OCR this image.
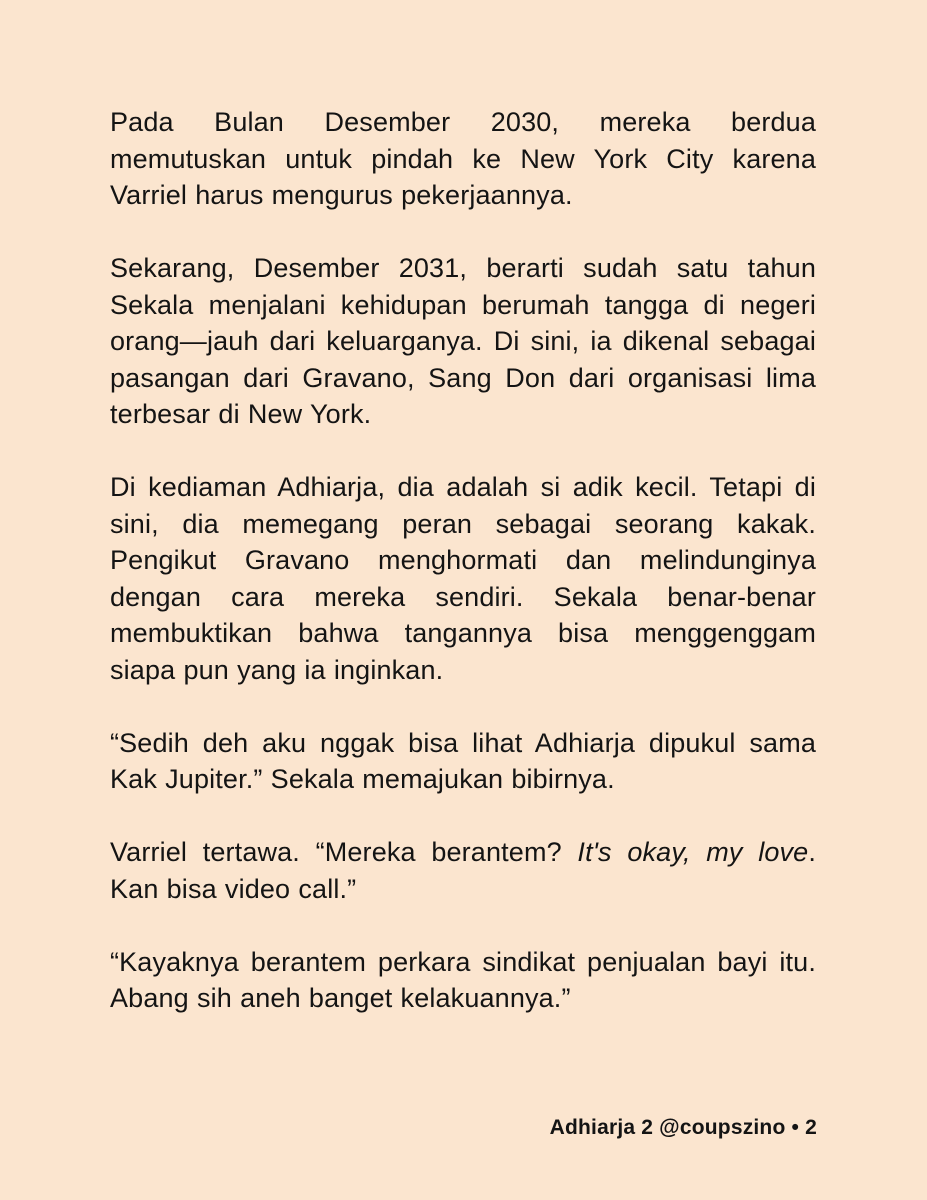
Pada Bulan Desember 2030, mereka berdua memutuskan untuk pindah ke New York City karena Varriel harus mengurus pekerjaannya.

Sekarang, Desember 2031, berarti sudah satu tahun Sekala menjalani kehidupan berumah tangga di negeri orang—jauh dari keluarganya. Di sini, ia dikenal sebagai pasangan dari Gravano, Sang Don dari organisasi lima terbesar di New York.

Di kediaman Adhiarja, dia adalah si adik kecil. Tetapi di sini, dia memegang peran sebagai seorang kakak. Pengikut Gravano menghormati dan melindunginya dengan cara mereka sendiri. Sekala benar-benar membuktikan bahwa tangannya bisa menggenggam siapa pun yang ia inginkan.

“Sedih deh aku nggak bisa lihat Adhiarja dipukul sama Kak Jupiter.” Sekala memajukan bibirnya.

Varriel tertawa. “Mereka berantem? It's okay, my love. Kan bisa video call.”

“Kayaknya berantem perkara sindikat penjualan bayi itu. Abang sih aneh banget kelakuannya.”

Adhiarja 2 @coupszino • 2
